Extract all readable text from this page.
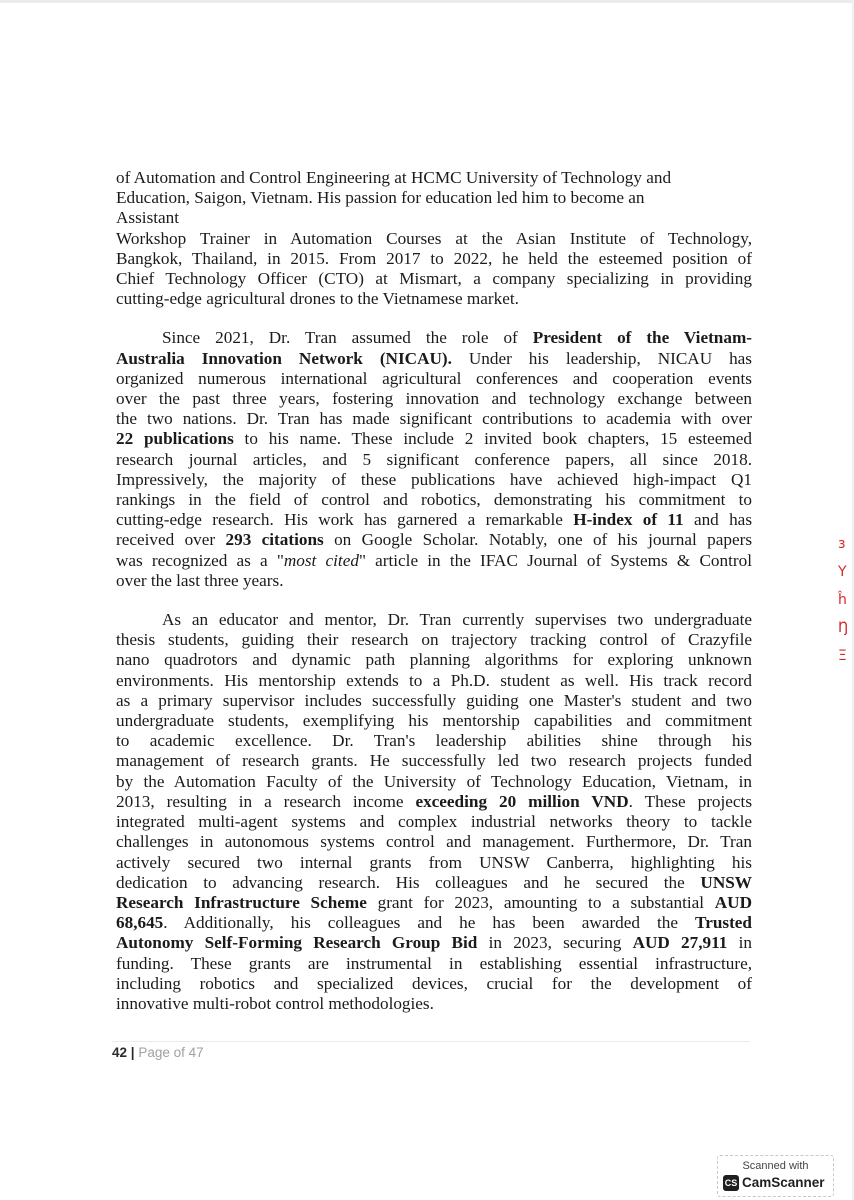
of Automation and Control Engineering at HCMC University of Technology and
Education, Saigon, Vietnam. His passion for education led him to become an
Assistant
Workshop Trainer in Automation Courses at the Asian Institute of Technology,
Bangkok, Thailand, in 2015. From 2017 to 2022, he held the esteemed position of
Chief Technology Officer (CTO) at Mismart, a company specializing in providing
cutting-edge agricultural drones to the Vietnamese market.
Since 2021, Dr. Tran assumed the role of President of the Vietnam-
Australia Innovation Network (NICAU). Under his leadership, NICAU has
organized numerous international agricultural conferences and cooperation events
over the past three years, fostering innovation and technology exchange between
the two nations. Dr. Tran has made significant contributions to academia with over
22 publications to his name. These include 2 invited book chapters, 15 esteemed
research journal articles, and 5 significant conference papers, all since 2018.
Impressively, the majority of these publications have achieved high-impact Q1
rankings in the field of control and robotics, demonstrating his commitment to
cutting-edge research. His work has garnered a remarkable H-index of 11 and has
received over 293 citations on Google Scholar. Notably, one of his journal papers
was recognized as a "most cited" article in the IFAC Journal of Systems & Control
over the last three years.
As an educator and mentor, Dr. Tran currently supervises two undergraduate
thesis students, guiding their research on trajectory tracking control of Crazyfile
nano quadrotors and dynamic path planning algorithms for exploring unknown
environments. His mentorship extends to a Ph.D. student as well. His track record
as a primary supervisor includes successfully guiding one Master's student and two
undergraduate students, exemplifying his mentorship capabilities and commitment
to academic excellence. Dr. Tran's leadership abilities shine through his
management of research grants. He successfully led two research projects funded
by the Automation Faculty of the University of Technology Education, Vietnam, in
2013, resulting in a research income exceeding 20 million VND. These projects
integrated multi-agent systems and complex industrial networks theory to tackle
challenges in autonomous systems control and management. Furthermore, Dr. Tran
actively secured two internal grants from UNSW Canberra, highlighting his
dedication to advancing research. His colleagues and he secured the UNSW
Research Infrastructure Scheme grant for 2023, amounting to a substantial AUD
68,645. Additionally, his colleagues and he has been awarded the Trusted
Autonomy Self-Forming Research Group Bid in 2023, securing AUD 27,911 in
funding. These grants are instrumental in establishing essential infrastructure,
including robotics and specialized devices, crucial for the development of
innovative multi-robot control methodologies.
42 | Page of 47
ɜ
Y
ĥ
Ŋ
Ξ
Scanned with
CS CamScanner
